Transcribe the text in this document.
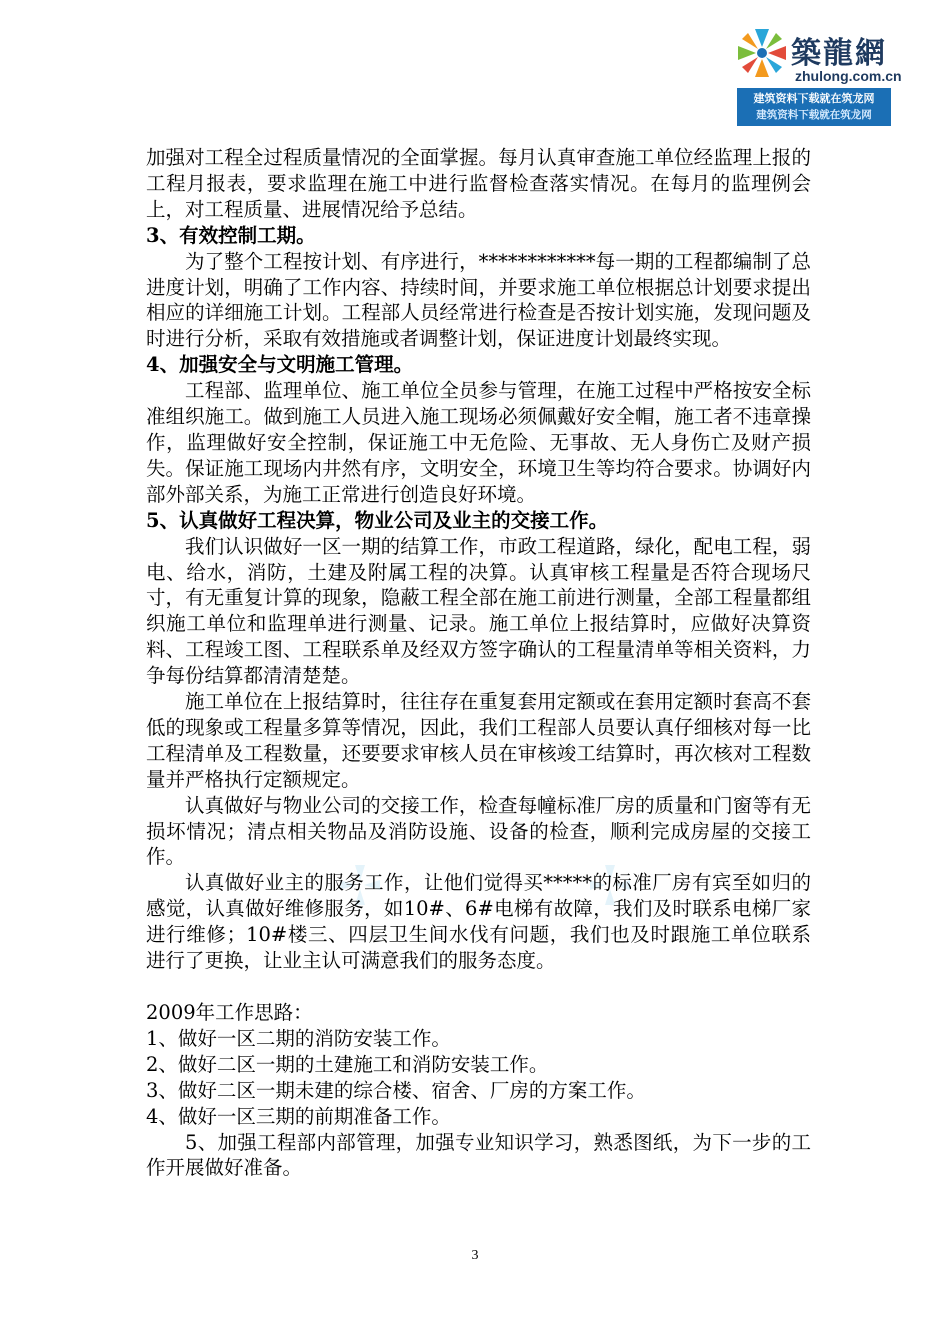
築龍網
zhulong.com.cn
建筑资料下载就在筑龙网
建筑资料下载就在筑龙网

加强对工程全过程质量情况的全面掌握。每月认真审查施工单位经监理上报的工程月报表，要求监理在施工中进行监督检查落实情况。在每月的监理例会上，对工程质量、进展情况给予总结。

3、有效控制工期。

为了整个工程按计划、有序进行，************每一期的工程都编制了总进度计划，明确了工作内容、持续时间，并要求施工单位根据总计划要求提出相应的详细施工计划。工程部人员经常进行检查是否按计划实施，发现问题及时进行分析，采取有效措施或者调整计划，保证进度计划最终实现。

4、加强安全与文明施工管理。

工程部、监理单位、施工单位全员参与管理，在施工过程中严格按安全标准组织施工。做到施工人员进入施工现场必须佩戴好安全帽，施工者不违章操作，监理做好安全控制，保证施工中无危险、无事故、无人身伤亡及财产损失。保证施工现场内井然有序，文明安全，环境卫生等均符合要求。协调好内部外部关系，为施工正常进行创造良好环境。

5、认真做好工程决算，物业公司及业主的交接工作。

我们认识做好一区一期的结算工作，市政工程道路，绿化，配电工程，弱电、给水，消防，土建及附属工程的决算。认真审核工程量是否符合现场尺寸，有无重复计算的现象，隐蔽工程全部在施工前进行测量，全部工程量都组织施工单位和监理单进行测量、记录。施工单位上报结算时，应做好决算资料、工程竣工图、工程联系单及经双方签字确认的工程量清单等相关资料，力争每份结算都清清楚楚。

施工单位在上报结算时，往往存在重复套用定额或在套用定额时套高不套低的现象或工程量多算等情况，因此，我们工程部人员要认真仔细核对每一比工程清单及工程数量，还要要求审核人员在审核竣工结算时，再次核对工程数量并严格执行定额规定。

认真做好与物业公司的交接工作，检查每幢标准厂房的质量和门窗等有无损坏情况；清点相关物品及消防设施、设备的检查，顺利完成房屋的交接工作。

认真做好业主的服务工作，让他们觉得买*****的标准厂房有宾至如归的感觉，认真做好维修服务，如10#、6#电梯有故障，我们及时联系电梯厂家进行维修；10#楼三、四层卫生间水伐有问题，我们也及时跟施工单位联系进行了更换，让业主认可满意我们的服务态度。

2009年工作思路：

1、做好一区二期的消防安装工作。

2、做好二区一期的土建施工和消防安装工作。

3、做好二区一期未建的综合楼、宿舍、厂房的方案工作。

4、做好一区三期的前期准备工作。

5、加强工程部内部管理，加强专业知识学习，熟悉图纸，为下一步的工作开展做好准备。

3
